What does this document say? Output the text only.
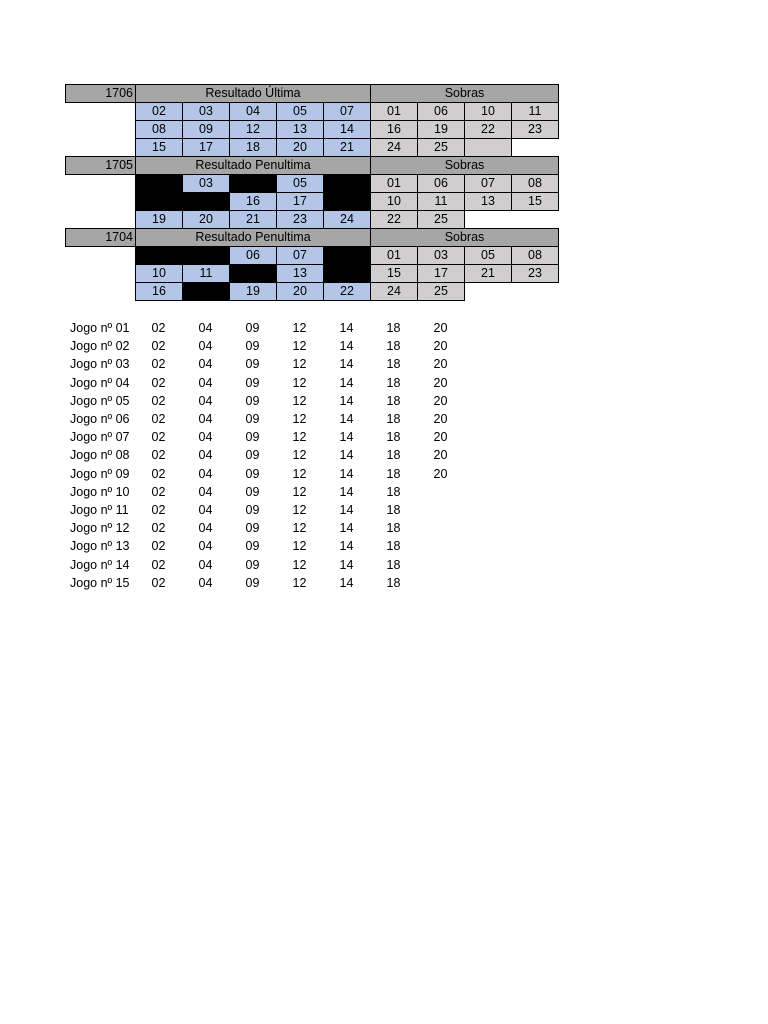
1706	Resultado Última					Sobras			
	02	03	04	05	07	01	06	10	11
	08	09	12	13	14	16	19	22	23
	15	17	18	20	21	24	25		
1705	Resultado Penultima					Sobras			
		03		05		01	06	07	08
			16	17		10	11	13	15
	19	20	21	23	24	22	25		
1704	Resultado Penultima					Sobras			
			06	07		01	03	05	08
	10	11		13		15	17	21	23
	16		19	20	22	24	25		
Jogo nº 01	02	04	09	12	14	18	20
Jogo nº 02	02	04	09	12	14	18	20
Jogo nº 03	02	04	09	12	14	18	20
Jogo nº 04	02	04	09	12	14	18	20
Jogo nº 05	02	04	09	12	14	18	20
Jogo nº 06	02	04	09	12	14	18	20
Jogo nº 07	02	04	09	12	14	18	20
Jogo nº 08	02	04	09	12	14	18	20
Jogo nº 09	02	04	09	12	14	18	20
Jogo nº 10	02	04	09	12	14	18	
Jogo nº 11	02	04	09	12	14	18	
Jogo nº 12	02	04	09	12	14	18	
Jogo nº 13	02	04	09	12	14	18	
Jogo nº 14	02	04	09	12	14	18	
Jogo nº 15	02	04	09	12	14	18	
